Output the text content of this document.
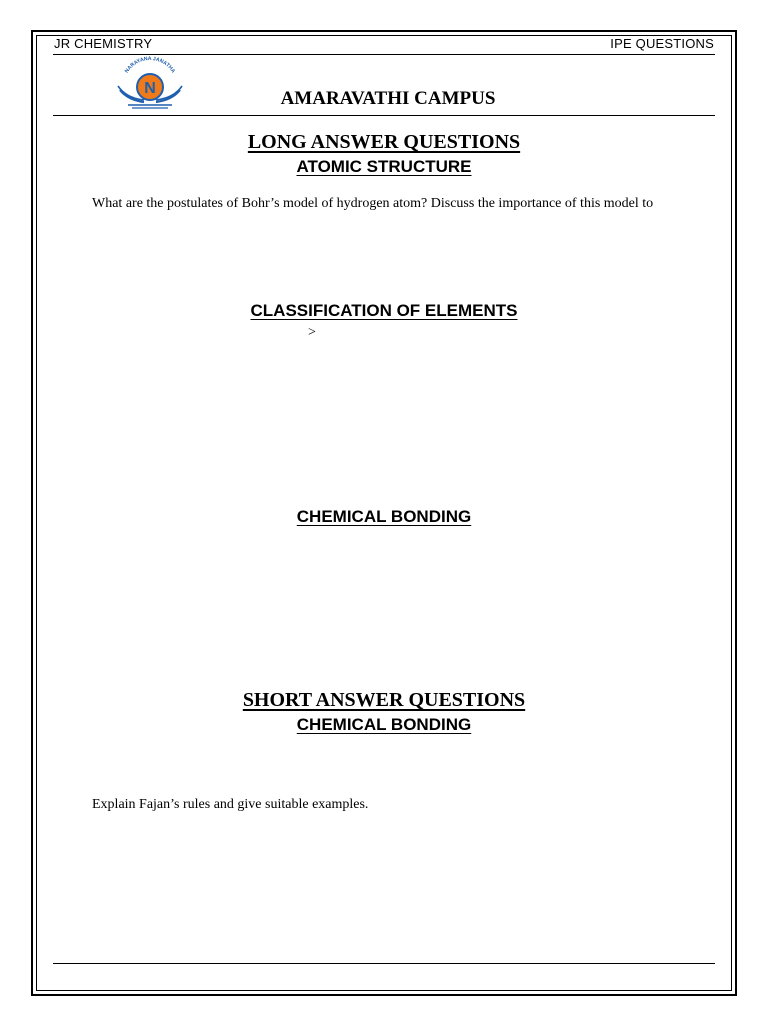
JR CHEMISTRY	IPE QUESTIONS
N
NARAYANA JANATHA
AMARAVATHI CAMPUS
LONG ANSWER QUESTIONS
ATOMIC STRUCTURE
What are the postulates of Bohr’s model of hydrogen atom? Discuss the importance of this model to
CLASSIFICATION OF ELEMENTS
>
CHEMICAL BONDING
SHORT ANSWER QUESTIONS
CHEMICAL BONDING
Explain Fajan’s rules and give suitable examples.
